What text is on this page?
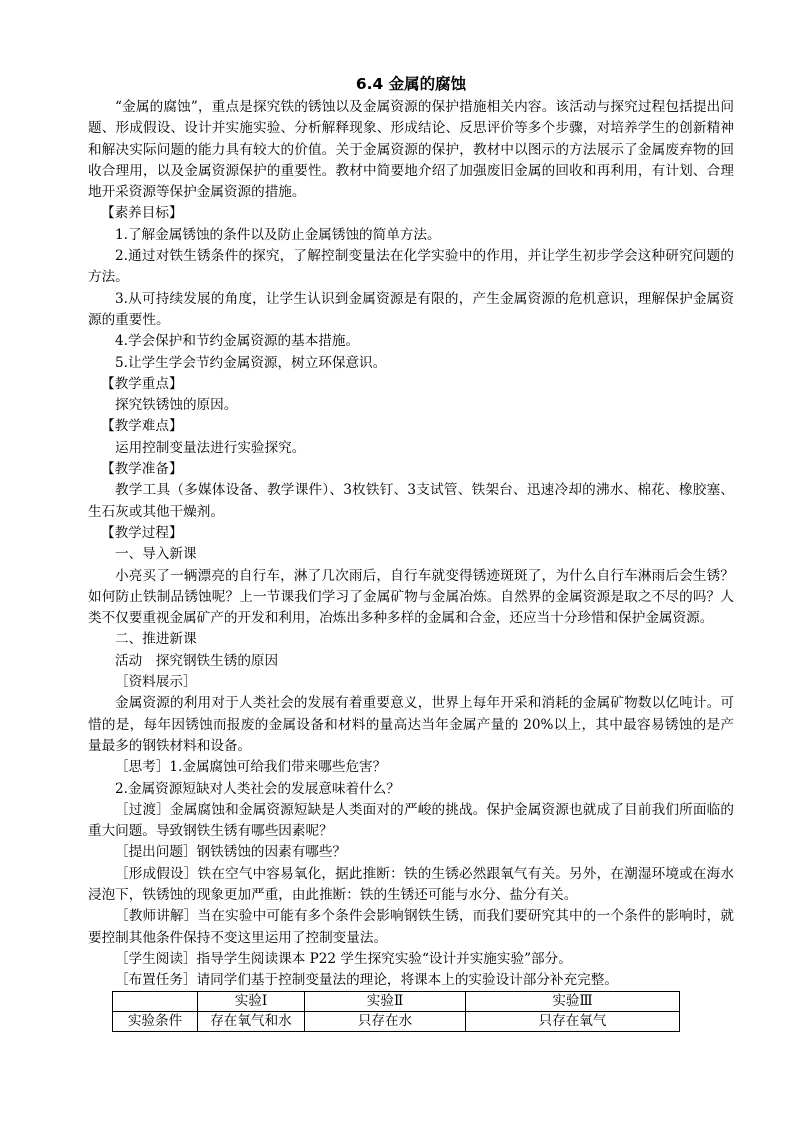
6.4 金属的腐蚀

“金属的腐蚀”，重点是探究铁的锈蚀以及金属资源的保护措施相关内容。该活动与探究过程包括提出问题、形成假设、设计并实施实验、分析解释现象、形成结论、反思评价等多个步骤，对培养学生的创新精神和解决实际问题的能力具有较大的价值。关于金属资源的保护，教材中以图示的方法展示了金属废弃物的回收合理用，以及金属资源保护的重要性。教材中简要地介绍了加强废旧金属的回收和再利用，有计划、合理地开采资源等保护金属资源的措施。

【素养目标】

1.了解金属锈蚀的条件以及防止金属锈蚀的简单方法。

2.通过对铁生锈条件的探究，了解控制变量法在化学实验中的作用，并让学生初步学会这种研究问题的方法。

3.从可持续发展的角度，让学生认识到金属资源是有限的，产生金属资源的危机意识，理解保护金属资源的重要性。

4.学会保护和节约金属资源的基本措施。

5.让学生学会节约金属资源，树立环保意识。

【教学重点】

探究铁锈蚀的原因。

【教学难点】

运用控制变量法进行实验探究。

【教学准备】

教学工具（多媒体设备、教学课件）、3枚铁钉、3支试管、铁架台、迅速冷却的沸水、棉花、橡胶塞、生石灰或其他干燥剂。

【教学过程】

一、导入新课

小亮买了一辆漂亮的自行车，淋了几次雨后，自行车就变得锈迹斑斑了，为什么自行车淋雨后会生锈？如何防止铁制品锈蚀呢？上一节课我们学习了金属矿物与金属冶炼。自然界的金属资源是取之不尽的吗？人类不仅要重视金属矿产的开发和利用，冶炼出多种多样的金属和合金，还应当十分珍惜和保护金属资源。

二、推进新课

活动　探究钢铁生锈的原因

［资料展示］

金属资源的利用对于人类社会的发展有着重要意义，世界上每年开采和消耗的金属矿物数以亿吨计。可惜的是，每年因锈蚀而报废的金属设备和材料的量高达当年金属产量的 20%以上，其中最容易锈蚀的是产量最多的钢铁材料和设备。

［思考］1.金属腐蚀可给我们带来哪些危害？

2.金属资源短缺对人类社会的发展意味着什么？

［过渡］金属腐蚀和金属资源短缺是人类面对的严峻的挑战。保护金属资源也就成了目前我们所面临的重大问题。导致钢铁生锈有哪些因素呢？

［提出问题］钢铁锈蚀的因素有哪些？

［形成假设］铁在空气中容易氧化，据此推断：铁的生锈必然跟氧气有关。另外，在潮湿环境或在海水浸泡下，铁锈蚀的现象更加严重，由此推断：铁的生锈还可能与水分、盐分有关。

［教师讲解］当在实验中可能有多个条件会影响钢铁生锈，而我们要研究其中的一个条件的影响时，就要控制其他条件保持不变这里运用了控制变量法。

［学生阅读］指导学生阅读课本 P22 学生探究实验“设计并实施实验”部分。

［布置任务］请同学们基于控制变量法的理论，将课本上的实验设计部分补充完整。

	实验Ⅰ	实验Ⅱ	实验Ⅲ
实验条件	存在氧气和水	只存在水	只存在氧气
